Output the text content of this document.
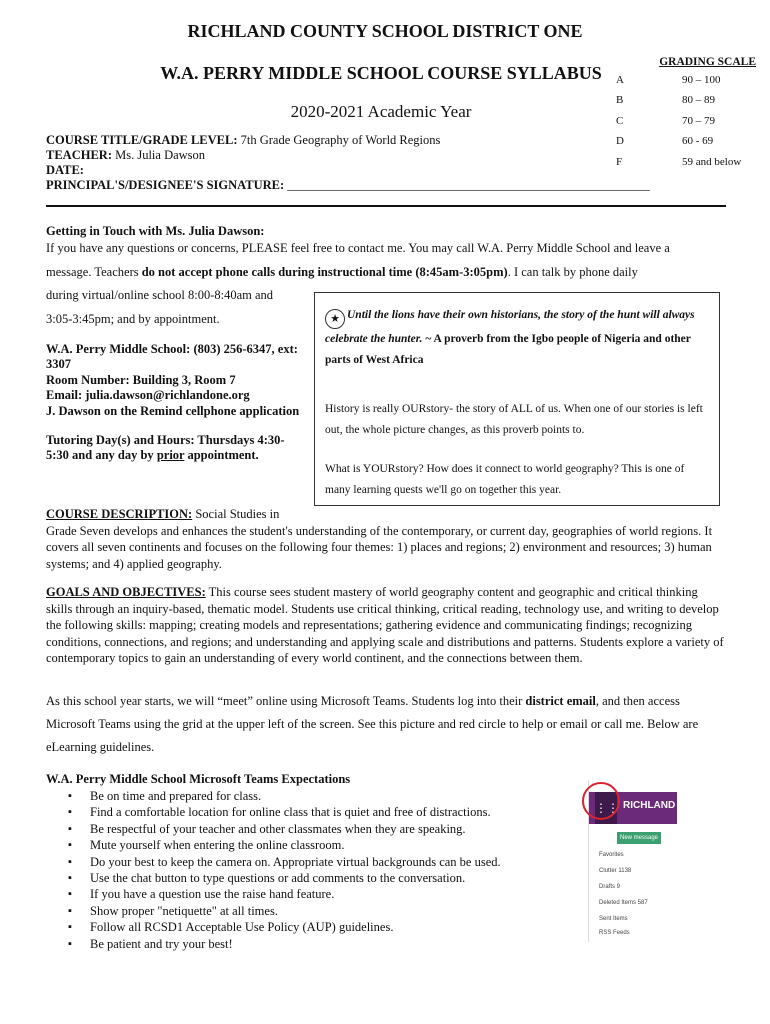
RICHLAND COUNTY SCHOOL DISTRICT ONE
W.A. PERRY MIDDLE SCHOOL COURSE SYLLABUS
2020-2021 Academic Year
COURSE TITLE/GRADE LEVEL: 7th Grade Geography of World Regions
TEACHER: Ms. Julia Dawson
DATE:
PRINCIPAL'S/DESIGNEE'S SIGNATURE: __________________________________________________________
GRADING SCALE
A	90 – 100
B	80 – 89
C	70 – 79
D	60 - 69
F	59 and below
Getting in Touch with Ms. Julia Dawson:
If you have any questions or concerns, PLEASE feel free to contact me. You may call W.A. Perry Middle School and leave a
message. Teachers do not accept phone calls during instructional time (8:45am-3:05pm). I can talk by phone daily
during virtual/online school 8:00-8:40am and
3:05-3:45pm; and by appointment.
W.A. Perry Middle School: (803) 256-6347, ext: 3307
Room Number: Building 3, Room 7
Email: julia.dawson@richlandone.org
J. Dawson on the Remind cellphone application
Tutoring Day(s) and Hours: Thursdays 4:30-5:30 and any day by prior appointment.
★ Until the lions have their own historians, the story of the hunt will always celebrate the hunter. ~ A proverb from the Igbo people of Nigeria and other parts of West Africa
History is really OURstory- the story of ALL of us. When one of our stories is left out, the whole picture changes, as this proverb points to.
What is YOURstory? How does it connect to world geography? This is one of many learning quests we'll go on together this year.
COURSE DESCRIPTION: Social Studies in
Grade Seven develops and enhances the student's understanding of the contemporary, or current day, geographies of world regions. It covers all seven continents and focuses on the following four themes: 1) places and regions; 2) environment and resources; 3) human systems; and 4) applied geography.
GOALS AND OBJECTIVES: This course sees student mastery of world geography content and geographic and critical thinking skills through an inquiry-based, thematic model. Students use critical thinking, critical reading, technology use, and writing to develop the following skills: mapping; creating models and representations; gathering evidence and communicating findings; recognizing conditions, connections, and regions; and understanding and applying scale and distributions and patterns. Students explore a variety of contemporary topics to gain an understanding of every world continent, and the connections between them.
As this school year starts, we will “meet” online using Microsoft Teams. Students log into their district email, and then access Microsoft Teams using the grid at the upper left of the screen. See this picture and red circle to help or email or call me. Below are eLearning guidelines.
W.A. Perry Middle School Microsoft Teams Expectations
▪ Be on time and prepared for class.
▪ Find a comfortable location for online class that is quiet and free of distractions.
▪ Be respectful of your teacher and other classmates when they are speaking.
▪ Mute yourself when entering the online classroom.
▪ Do your best to keep the camera on. Appropriate virtual backgrounds can be used.
▪ Use the chat button to type questions or add comments to the conversation.
▪ If you have a question use the raise hand feature.
▪ Show proper "netiquette" at all times.
▪ Follow all RCSD1 Acceptable Use Policy (AUP) guidelines.
▪ Be patient and try your best!
⋮⋮ RICHLAND
New message
Favorites
Clutter 1138
Drafts 9
Deleted Items 587
Sent Items
RSS Feeds
